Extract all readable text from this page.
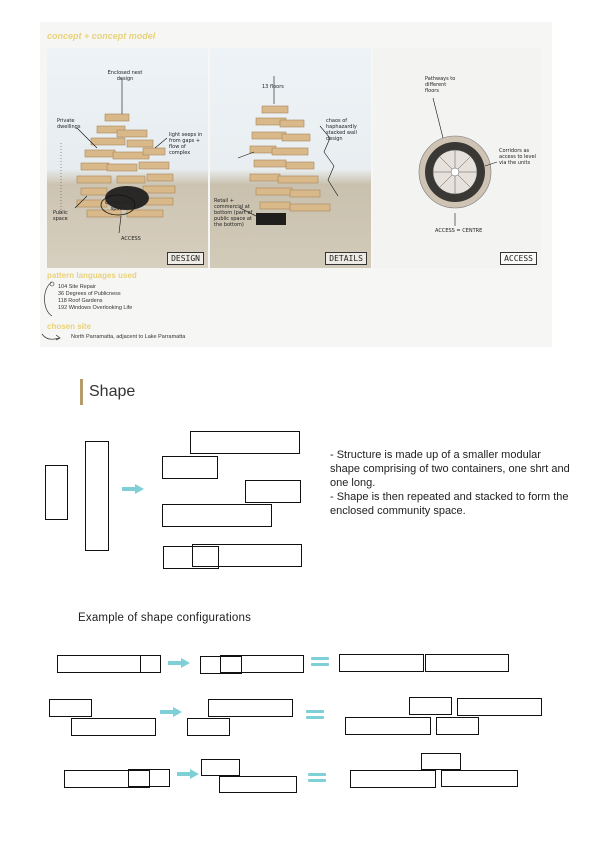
concept + concept model
Enclosed nest design
Private dwellings
light seeps in from gaps + flow of complex
Public space
community space
ACCESS
DESIGN
13 floors
chaos of haphazardly stacked wall design
Retail + commercial at bottom (part of public space at the bottom)
DETAILS
Pathways to different floors
Corridors as access to level via the units
ACCESS = CENTRE
ACCESS
pattern languages used
104 Site Repair
36 Degrees of Publicness
118 Roof Gardens
192 Windows Overlooking Life
chosen site
North Parramatta, adjacent to Lake Parramatta
Shape
- Structure is made up of a smaller modular shape comprising of two containers, one shrt and one long.
- Shape is then repeated and stacked to form the enclosed community space.
Example of shape configurations
